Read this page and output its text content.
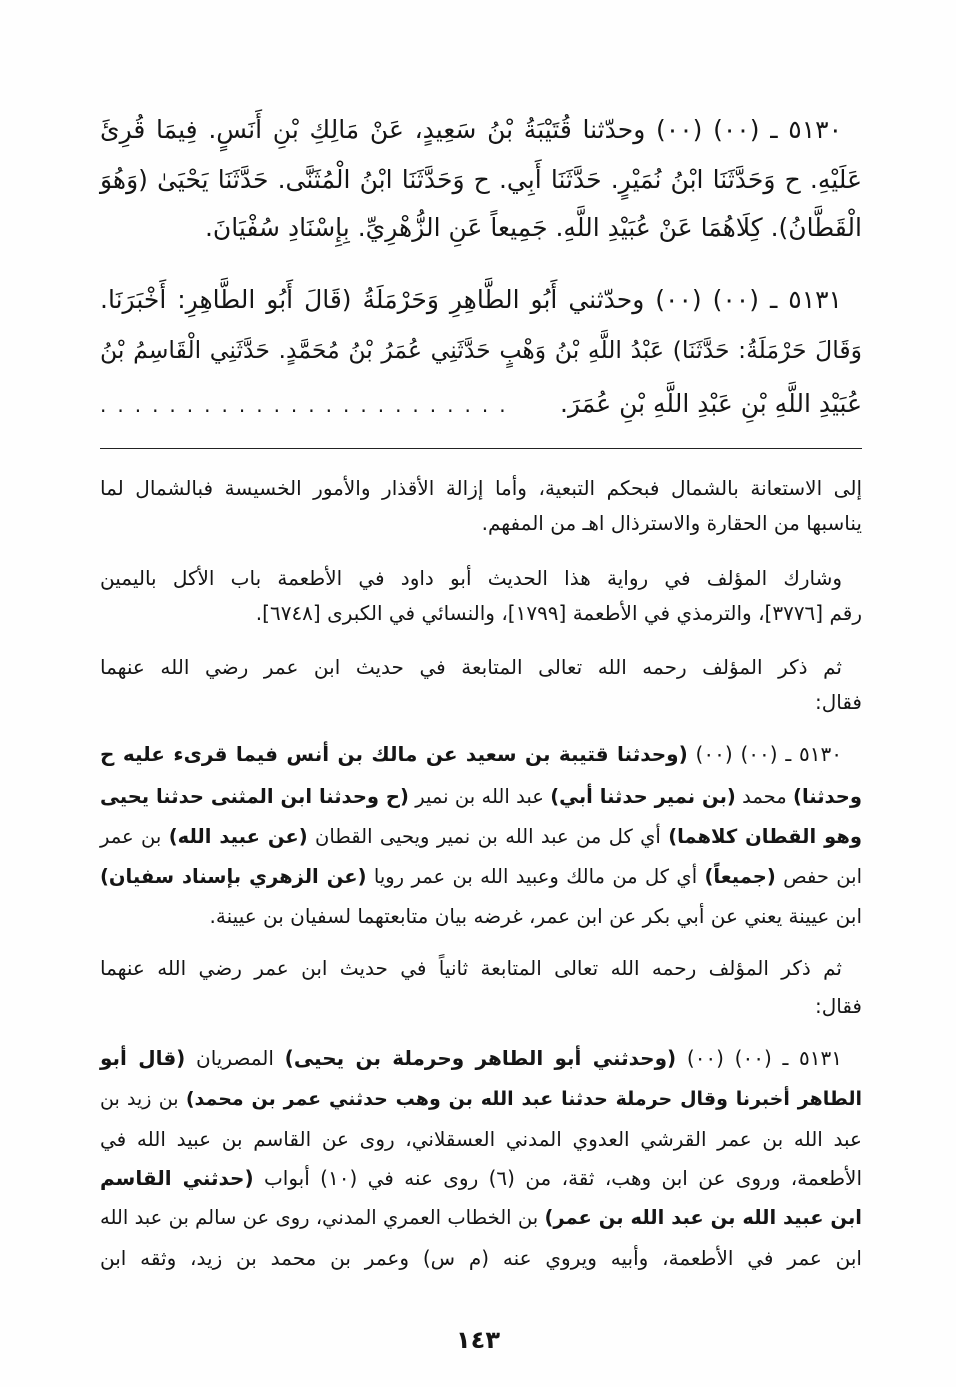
٥١٣٠ ـ (٠٠) (٠٠) وحدّثنا قُتَيْبَةُ بْنُ سَعِيدٍ، عَنْ مَالِكِ بْنِ أَنَسٍ. فِيمَا قُرِئَ
عَلَيْهِ. ح وَحَدَّثَنَا ابْنُ نُمَيْرٍ. حَدَّثَنَا أَبِي. ح وَحَدَّثَنَا ابْنُ الْمُثَنَّى. حَدَّثَنَا يَحْيَىٰ (وَهُوَ
الْقَطَّانُ). كِلَاهُمَا عَنْ عُبَيْدِ اللَّهِ. جَمِيعاً عَنِ الزُّهْرِيِّ. بِإِسْنَادِ سُفْيَانَ.
٥١٣١ ـ (٠٠) (٠٠) وحدّثني أَبُو الطَّاهِرِ وَحَرْمَلَةُ (قَالَ أَبُو الطَّاهِرِ: أَخْبَرَنَا.
وَقَالَ حَرْمَلَةُ: حَدَّثَنَا) عَبْدُ اللَّهِ بْنُ وَهْبٍ حَدَّثَنِي عُمَرُ بْنُ مُحَمَّدٍ. حَدَّثَنِي الْقَاسِمُ بْنُ
عُبَيْدِ اللَّهِ بْنِ عَبْدِ اللَّهِ بْنِ عُمَرَ.
........................
إلى الاستعانة بالشمال فبحكم التبعية، وأما إزالة الأقذار والأمور الخسيسة فبالشمال لما
يناسبها من الحقارة والاسترذال اهـ من المفهم.
وشارك المؤلف في رواية هذا الحديث أبو داود في الأطعمة باب الأكل باليمين
رقم [٣٧٧٦]، والترمذي في الأطعمة [١٧٩٩]، والنسائي في الكبرى [٦٧٤٨].
ثم ذكر المؤلف رحمه الله تعالى المتابعة في حديث ابن عمر رضي الله عنهما
فقال:
٥١٣٠ ـ (٠٠) (٠٠) (وحدثنا قتيبة بن سعيد عن مالك بن أنس فيما قرىء عليه ح
وحدثنا) محمد (بن نمير حدثنا أبي) عبد الله بن نمير (ح وحدثنا ابن المثنى حدثنا يحيى
وهو القطان كلاهما) أي كل من عبد الله بن نمير ويحيى القطان (عن عبيد الله) بن عمر
ابن حفص (جميعاً) أي كل من مالك وعبيد الله بن عمر رويا (عن الزهري بإسناد سفيان)
ابن عيينة يعني عن أبي بكر عن ابن عمر، غرضه بيان متابعتهما لسفيان بن عيينة.
ثم ذكر المؤلف رحمه الله تعالى المتابعة ثانياً في حديث ابن عمر رضي الله عنهما
فقال:
٥١٣١ ـ (٠٠) (٠٠) (وحدثني أبو الطاهر وحرملة بن يحيى) المصريان (قال أبو
الطاهر أخبرنا وقال حرملة حدثنا عبد الله بن وهب حدثني عمر بن محمد) بن زيد بن
عبد الله بن عمر القرشي العدوي المدني العسقلاني، روى عن القاسم بن عبيد الله في
الأطعمة، وروى عن ابن وهب، ثقة، من (٦) روى عنه في (١٠) أبواب (حدثني القاسم
ابن عبيد الله بن عبد الله بن عمر) بن الخطاب العمري المدني، روى عن سالم بن عبد الله
ابن عمر في الأطعمة، وأبيه ويروي عنه (م س) وعمر بن محمد بن زيد، وثقه ابن
١٤٣
